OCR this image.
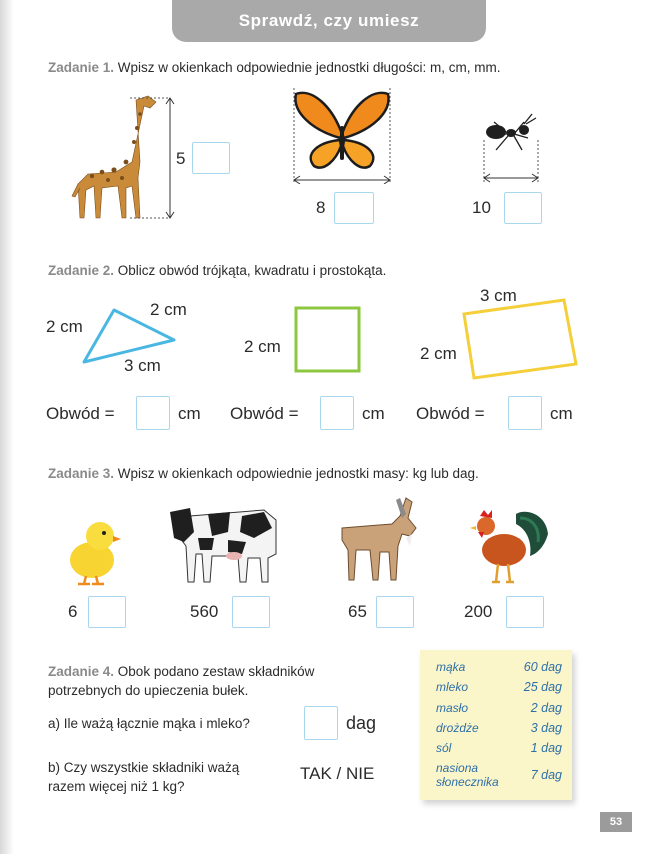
Sprawdź, czy umiesz
Zadanie 1. Wpisz w okienkach odpowiednie jednostki długości: m, cm, mm.
5
8	10
Zadanie 2. Oblicz obwód trójkąta, kwadratu i prostokąta.
2 cm
2 cm
3 cm
2 cm
3 cm
2 cm
Obwód =	cm Obwód =	cm Obwód =	cm
Zadanie 3. Wpisz w okienkach odpowiednie jednostki masy: kg lub dag.
6	560	65	200
Zadanie 4. Obok podano zestaw składników
potrzebnych do upieczenia bułek.
a) Ile ważą łącznie mąka i mleko?	dag
b) Czy wszystkie składniki ważą
razem więcej niż 1 kg?
TAK / NIE
mąka	60 dag
mleko	25 dag
masło	2 dag
drożdże	3 dag
sól	1 dag
nasiona
słonecznika	7 dag
53
